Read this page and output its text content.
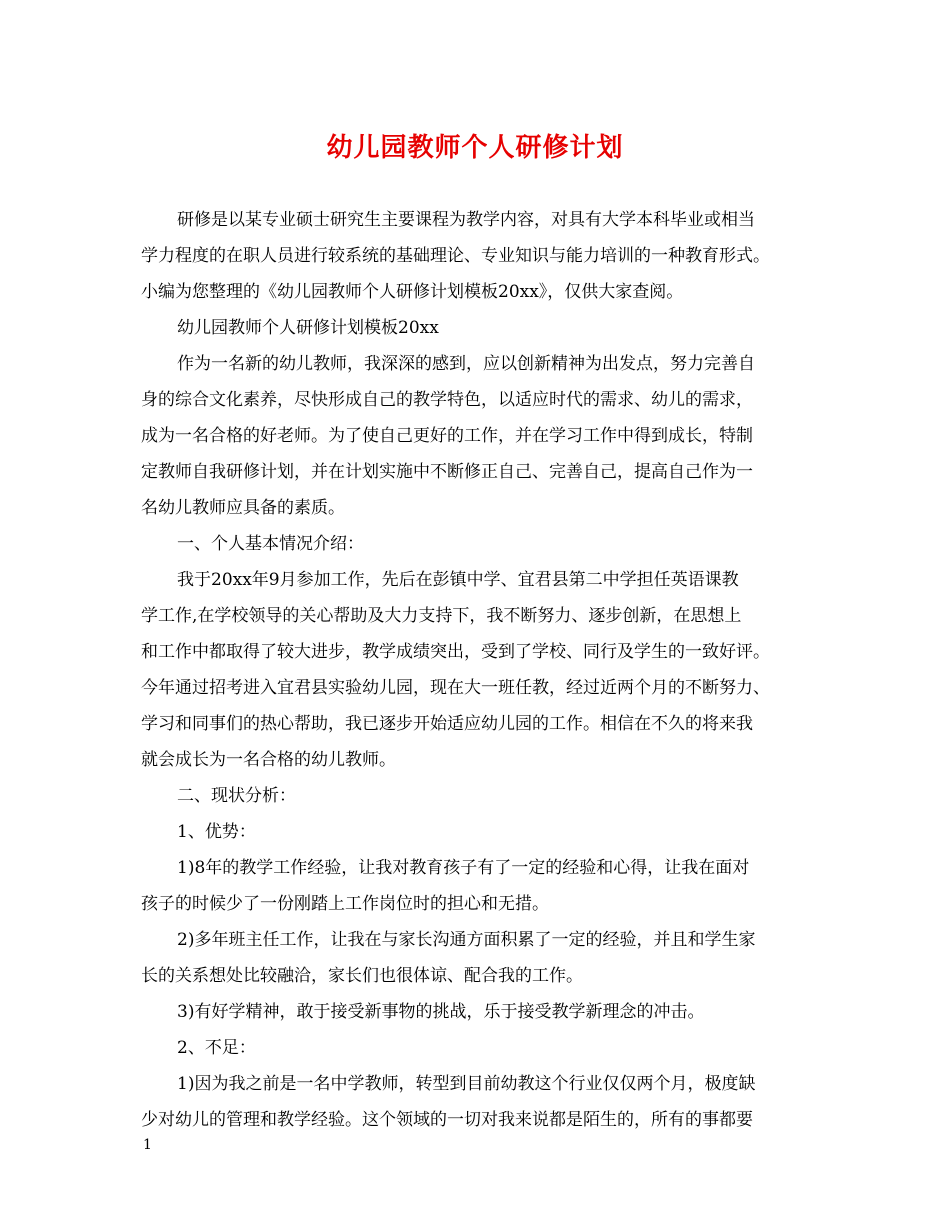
幼儿园教师个人研修计划

研修是以某专业硕士研究生主要课程为教学内容，对具有大学本科毕业或相当

学力程度的在职人员进行较系统的基础理论、专业知识与能力培训的一种教育形式。

小编为您整理的《幼儿园教师个人研修计划模板20xx》，仅供大家查阅。

幼儿园教师个人研修计划模板20xx

作为一名新的幼儿教师，我深深的感到，应以创新精神为出发点，努力完善自

身的综合文化素养，尽快形成自己的教学特色，以适应时代的需求、幼儿的需求，

成为一名合格的好老师。为了使自己更好的工作，并在学习工作中得到成长，特制

定教师自我研修计划，并在计划实施中不断修正自己、完善自己，提高自己作为一

名幼儿教师应具备的素质。

一、个人基本情况介绍：

我于20xx年9月参加工作，先后在彭镇中学、宜君县第二中学担任英语课教

学工作,在学校领导的关心帮助及大力支持下，我不断努力、逐步创新，在思想上

和工作中都取得了较大进步，教学成绩突出，受到了学校、同行及学生的一致好评。

今年通过招考进入宜君县实验幼儿园，现在大一班任教，经过近两个月的不断努力、

学习和同事们的热心帮助，我已逐步开始适应幼儿园的工作。相信在不久的将来我

就会成长为一名合格的幼儿教师。

二、现状分析：

1、优势：

1)8年的教学工作经验，让我对教育孩子有了一定的经验和心得，让我在面对

孩子的时候少了一份刚踏上工作岗位时的担心和无措。

2)多年班主任工作，让我在与家长沟通方面积累了一定的经验，并且和学生家

长的关系想处比较融洽，家长们也很体谅、配合我的工作。

3)有好学精神，敢于接受新事物的挑战，乐于接受教学新理念的冲击。

2、不足：

1)因为我之前是一名中学教师，转型到目前幼教这个行业仅仅两个月，极度缺

少对幼儿的管理和教学经验。这个领域的一切对我来说都是陌生的，所有的事都要

1
